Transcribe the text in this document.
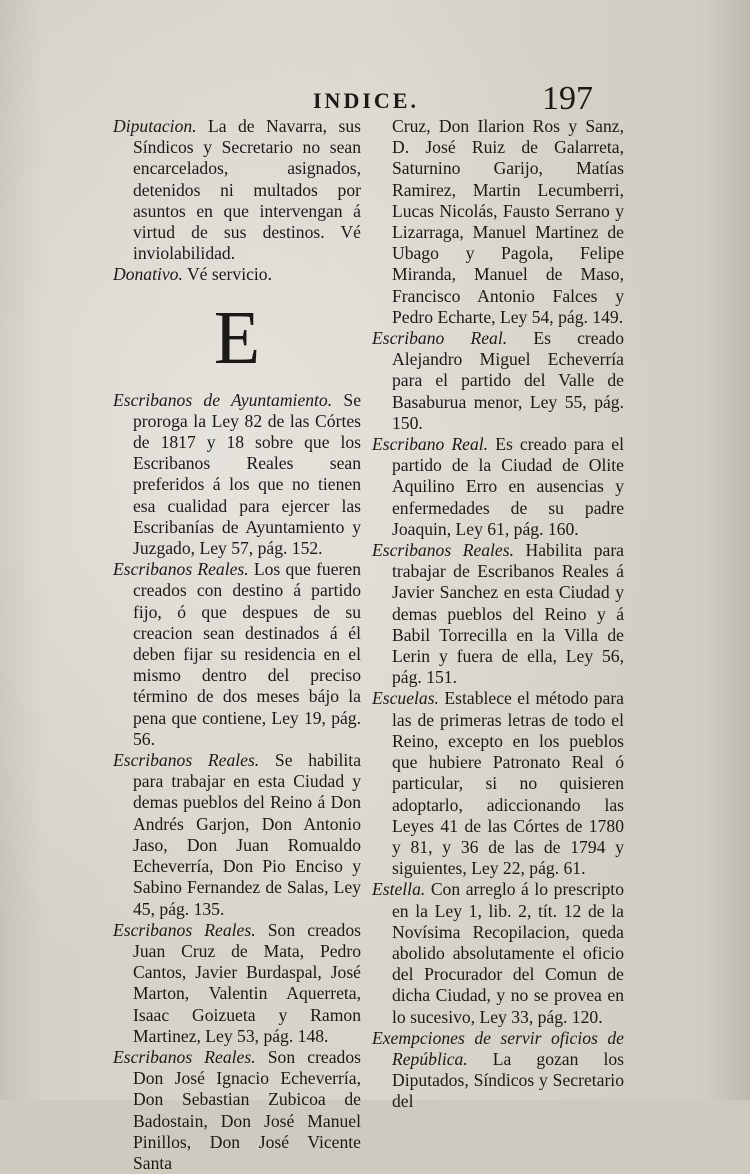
INDICE.	197

Diputacion. La de Navarra, sus Síndicos y Secretario no sean encarcelados, asignados, detenidos ni multados por asuntos en que intervengan á virtud de sus destinos. Vé inviolabilidad.

Donativo. Vé servicio.

E

Escribanos de Ayuntamiento. Se proroga la Ley 82 de las Córtes de 1817 y 18 sobre que los Escribanos Reales sean preferidos á los que no tienen esa cualidad para ejercer las Escribanías de Ayuntamiento y Juzgado, Ley 57, pág. 152.

Escribanos Reales. Los que fueren creados con destino á partido fijo, ó que despues de su creacion sean destinados á él deben fijar su residencia en el mismo dentro del preciso término de dos meses bájo la pena que contiene, Ley 19, pág. 56.

Escribanos Reales. Se habilita para trabajar en esta Ciudad y demas pueblos del Reino á Don Andrés Garjon, Don Antonio Jaso, Don Juan Romualdo Echeverría, Don Pio Enciso y Sabino Fernandez de Salas, Ley 45, pág. 135.

Escribanos Reales. Son creados Juan Cruz de Mata, Pedro Cantos, Javier Burdaspal, José Marton, Valentin Aquerreta, Isaac Goizueta y Ramon Martinez, Ley 53, pág. 148.

Escribanos Reales. Son creados Don José Ignacio Echeverría, Don Sebastian Zubicoa de Badostain, Don José Manuel Pinillos, Don José Vicente Santa

Cruz, Don Ilarion Ros y Sanz, D. José Ruiz de Galarreta, Saturnino Garijo, Matías Ramirez, Martin Lecumberri, Lucas Nicolás, Fausto Serrano y Lizarraga, Manuel Martinez de Ubago y Pagola, Felipe Miranda, Manuel de Maso, Francisco Antonio Falces y Pedro Echarte, Ley 54, pág. 149.

Escribano Real. Es creado Alejandro Miguel Echeverría para el partido del Valle de Basaburua menor, Ley 55, pág. 150.

Escribano Real. Es creado para el partido de la Ciudad de Olite Aquilino Erro en ausencias y enfermedades de su padre Joaquin, Ley 61, pág. 160.

Escribanos Reales. Habilita para trabajar de Escribanos Reales á Javier Sanchez en esta Ciudad y demas pueblos del Reino y á Babil Torrecilla en la Villa de Lerin y fuera de ella, Ley 56, pág. 151.

Escuelas. Establece el método para las de primeras letras de todo el Reino, excepto en los pueblos que hubiere Patronato Real ó particular, si no quisieren adoptarlo, adiccionando las Leyes 41 de las Córtes de 1780 y 81, y 36 de las de 1794 y siguientes, Ley 22, pág. 61.

Estella. Con arreglo á lo prescripto en la Ley 1, lib. 2, tít. 12 de la Novísima Recopilacion, queda abolido absolutamente el oficio del Procurador del Comun de dicha Ciudad, y no se provea en lo sucesivo, Ley 33, pág. 120.

Exempciones de servir oficios de República. La gozan los Diputados, Síndicos y Secretario del
